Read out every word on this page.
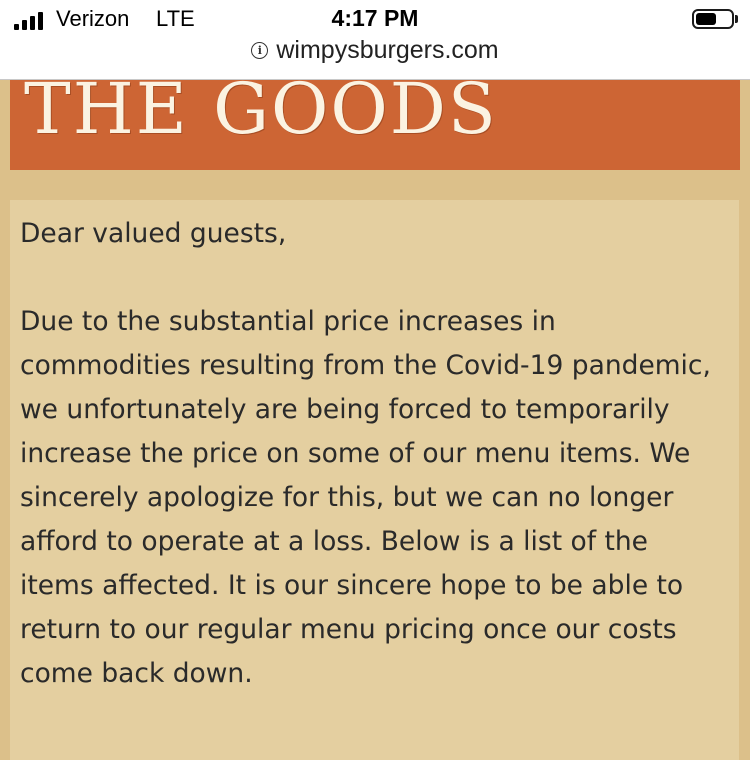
Verizon LTE	4:17 PM
i wimpysburgers.com
THE GOODS

Dear valued guests,

Due to the substantial price increases in
commodities resulting from the Covid-19 pandemic,
we unfortunately are being forced to temporarily
increase the price on some of our menu items. We
sincerely apologize for this, but we can no longer
afford to operate at a loss. Below is a list of the
items affected. It is our sincere hope to be able to
return to our regular menu pricing once our costs
come back down.
